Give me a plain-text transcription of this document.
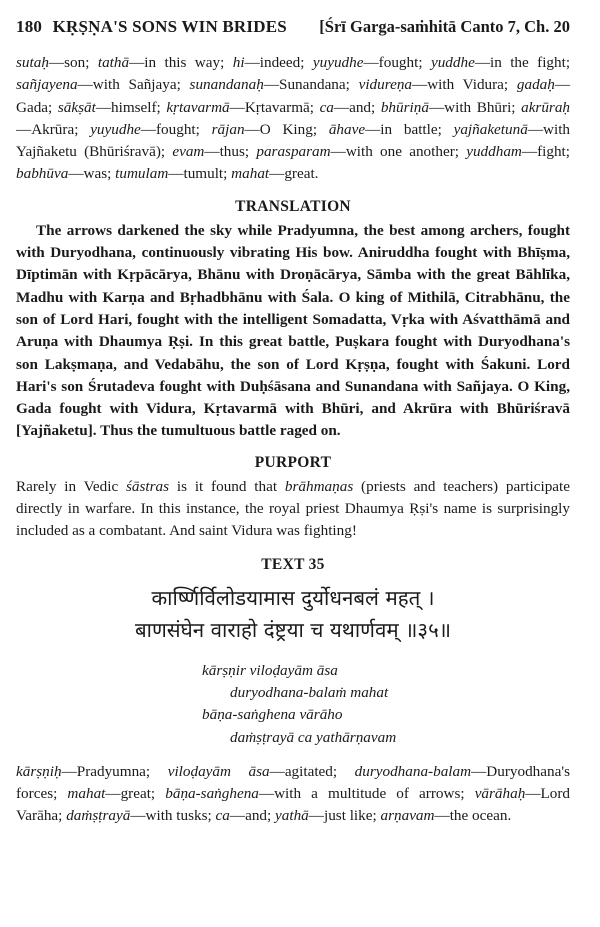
180 KṚṢṆA'S SONS WIN BRIDES [Śrī Garga-saṁhitā Canto 7, Ch. 20

sutaḥ—son; tathā—in this way; hi—indeed; yuyudhe—fought; yuddhe—in the fight; sañjayena—with Sañjaya; sunandanaḥ—Sunandana; vidureṇa—with Vidura; gadaḥ—Gada; sākṣāt—himself; kṛtavarmā—Kṛtavarmā; ca—and; bhūriṇā—with Bhūri; akrūraḥ—Akrūra; yuyudhe—fought; rājan—O King; āhave—in battle; yajñaketunā—with Yajñaketu (Bhūriśravā); evam—thus; parasparam—with one another; yuddham—fight; babhūva—was; tumulam—tumult; mahat—great.

TRANSLATION

The arrows darkened the sky while Pradyumna, the best among archers, fought with Duryodhana, continuously vibrating His bow. Aniruddha fought with Bhīṣma, Dīptimān with Kṛpācārya, Bhānu with Droṇācārya, Sāmba with the great Bāhlīka, Madhu with Karṇa and Bṛhadbhānu with Śala. O king of Mithilā, Citrabhānu, the son of Lord Hari, fought with the intelligent Somadatta, Vṛka with Aśvatthāmā and Aruṇa with Dhaumya Ṛṣi. In this great battle, Puṣkara fought with Duryodhana's son Lakṣmaṇa, and Vedabāhu, the son of Lord Kṛṣṇa, fought with Śakuni. Lord Hari's son Śrutadeva fought with Duḥśāsana and Sunandana with Sañjaya. O King, Gada fought with Vidura, Kṛtavarmā with Bhūri, and Akrūra with Bhūriśravā [Yajñaketu]. Thus the tumultuous battle raged on.

PURPORT

Rarely in Vedic śāstras is it found that brāhmaṇas (priests and teachers) participate directly in warfare. In this instance, the royal priest Dhaumya Ṛṣi's name is surprisingly included as a combatant. And saint Vidura was fighting!

TEXT 35
कार्ष्णिर्विलोडयामास दुर्योधनबलं महत् ।
बाणसंघेन वाराहो दंष्ट्रया च यथार्णवम् ॥३५॥
kārṣṇir viloḍayām āsa
duryodhana-balaṁ mahat
bāṇa-saṅghena vārāho
daṁṣṭrayā ca yathārṇavam

kārṣṇiḥ—Pradyumna; viloḍayām āsa—agitated; duryodhana-balam—Duryodhana's forces; mahat—great; bāṇa-saṅghena—with a multitude of arrows; vārāhaḥ—Lord Varāha; daṁṣṭrayā—with tusks; ca—and; yathā—just like; arṇavam—the ocean.
